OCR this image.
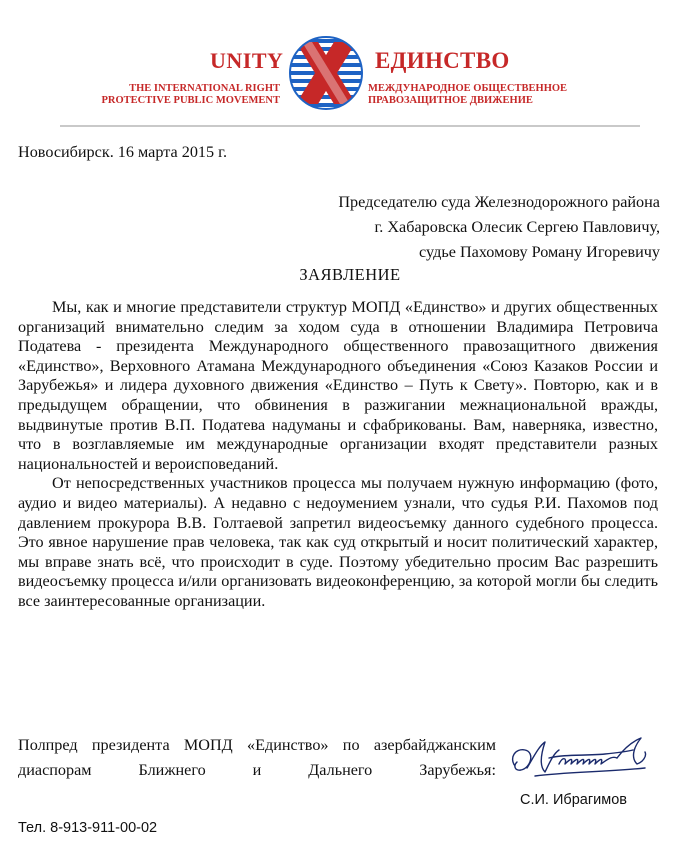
UNITY	ЕДИНСТВО
THE INTERNATIONAL RIGHT
PROTECTIVE PUBLIC MOVEMENT
МЕЖДУНАРОДНОЕ ОБЩЕСТВЕННОЕ
ПРАВОЗАЩИТНОЕ ДВИЖЕНИЕ
Новосибирск. 16 марта 2015 г.
Председателю суда Железнодорожного района
г. Хабаровска Олесик Сергею Павловичу,
судье Пахомову Роману Игоревичу
ЗАЯВЛЕНИЕ

Мы, как и многие представители структур МОПД «Единство» и других общественных организаций внимательно следим за ходом суда в отношении Владимира Петровича Податева - президента Международного общественного правозащитного движения «Единство», Верховного Атамана Международного объединения «Союз Казаков России и Зарубежья» и лидера духовного движения «Единство – Путь к Свету». Повторю, как и в предыдущем обращении, что обвинения в разжигании межнациональной вражды, выдвинутые против В.П. Податева надуманы и сфабрикованы. Вам, наверняка, известно, что в возглавляемые им международные организации входят представители разных национальностей и вероисповеданий.

От непосредственных участников процесса мы получаем нужную информацию (фото, аудио и видео материалы). А недавно с недоумением узнали, что судья Р.И. Пахомов под давлением прокурора В.В. Голтаевой запретил видеосъемку данного судебного процесса. Это явное нарушение прав человека, так как суд открытый и носит политический характер, мы вправе знать всё, что происходит в суде. Поэтому убедительно просим Вас разрешить видеосъемку процесса и/или организовать видеоконференцию, за которой могли бы следить все заинтересованные организации.

Полпред президента МОПД «Единство» по азербайджанским
диаспорам Ближнего и Дальнего Зарубежья:
С.И. Ибрагимов
Тел. 8-913-911-00-02
